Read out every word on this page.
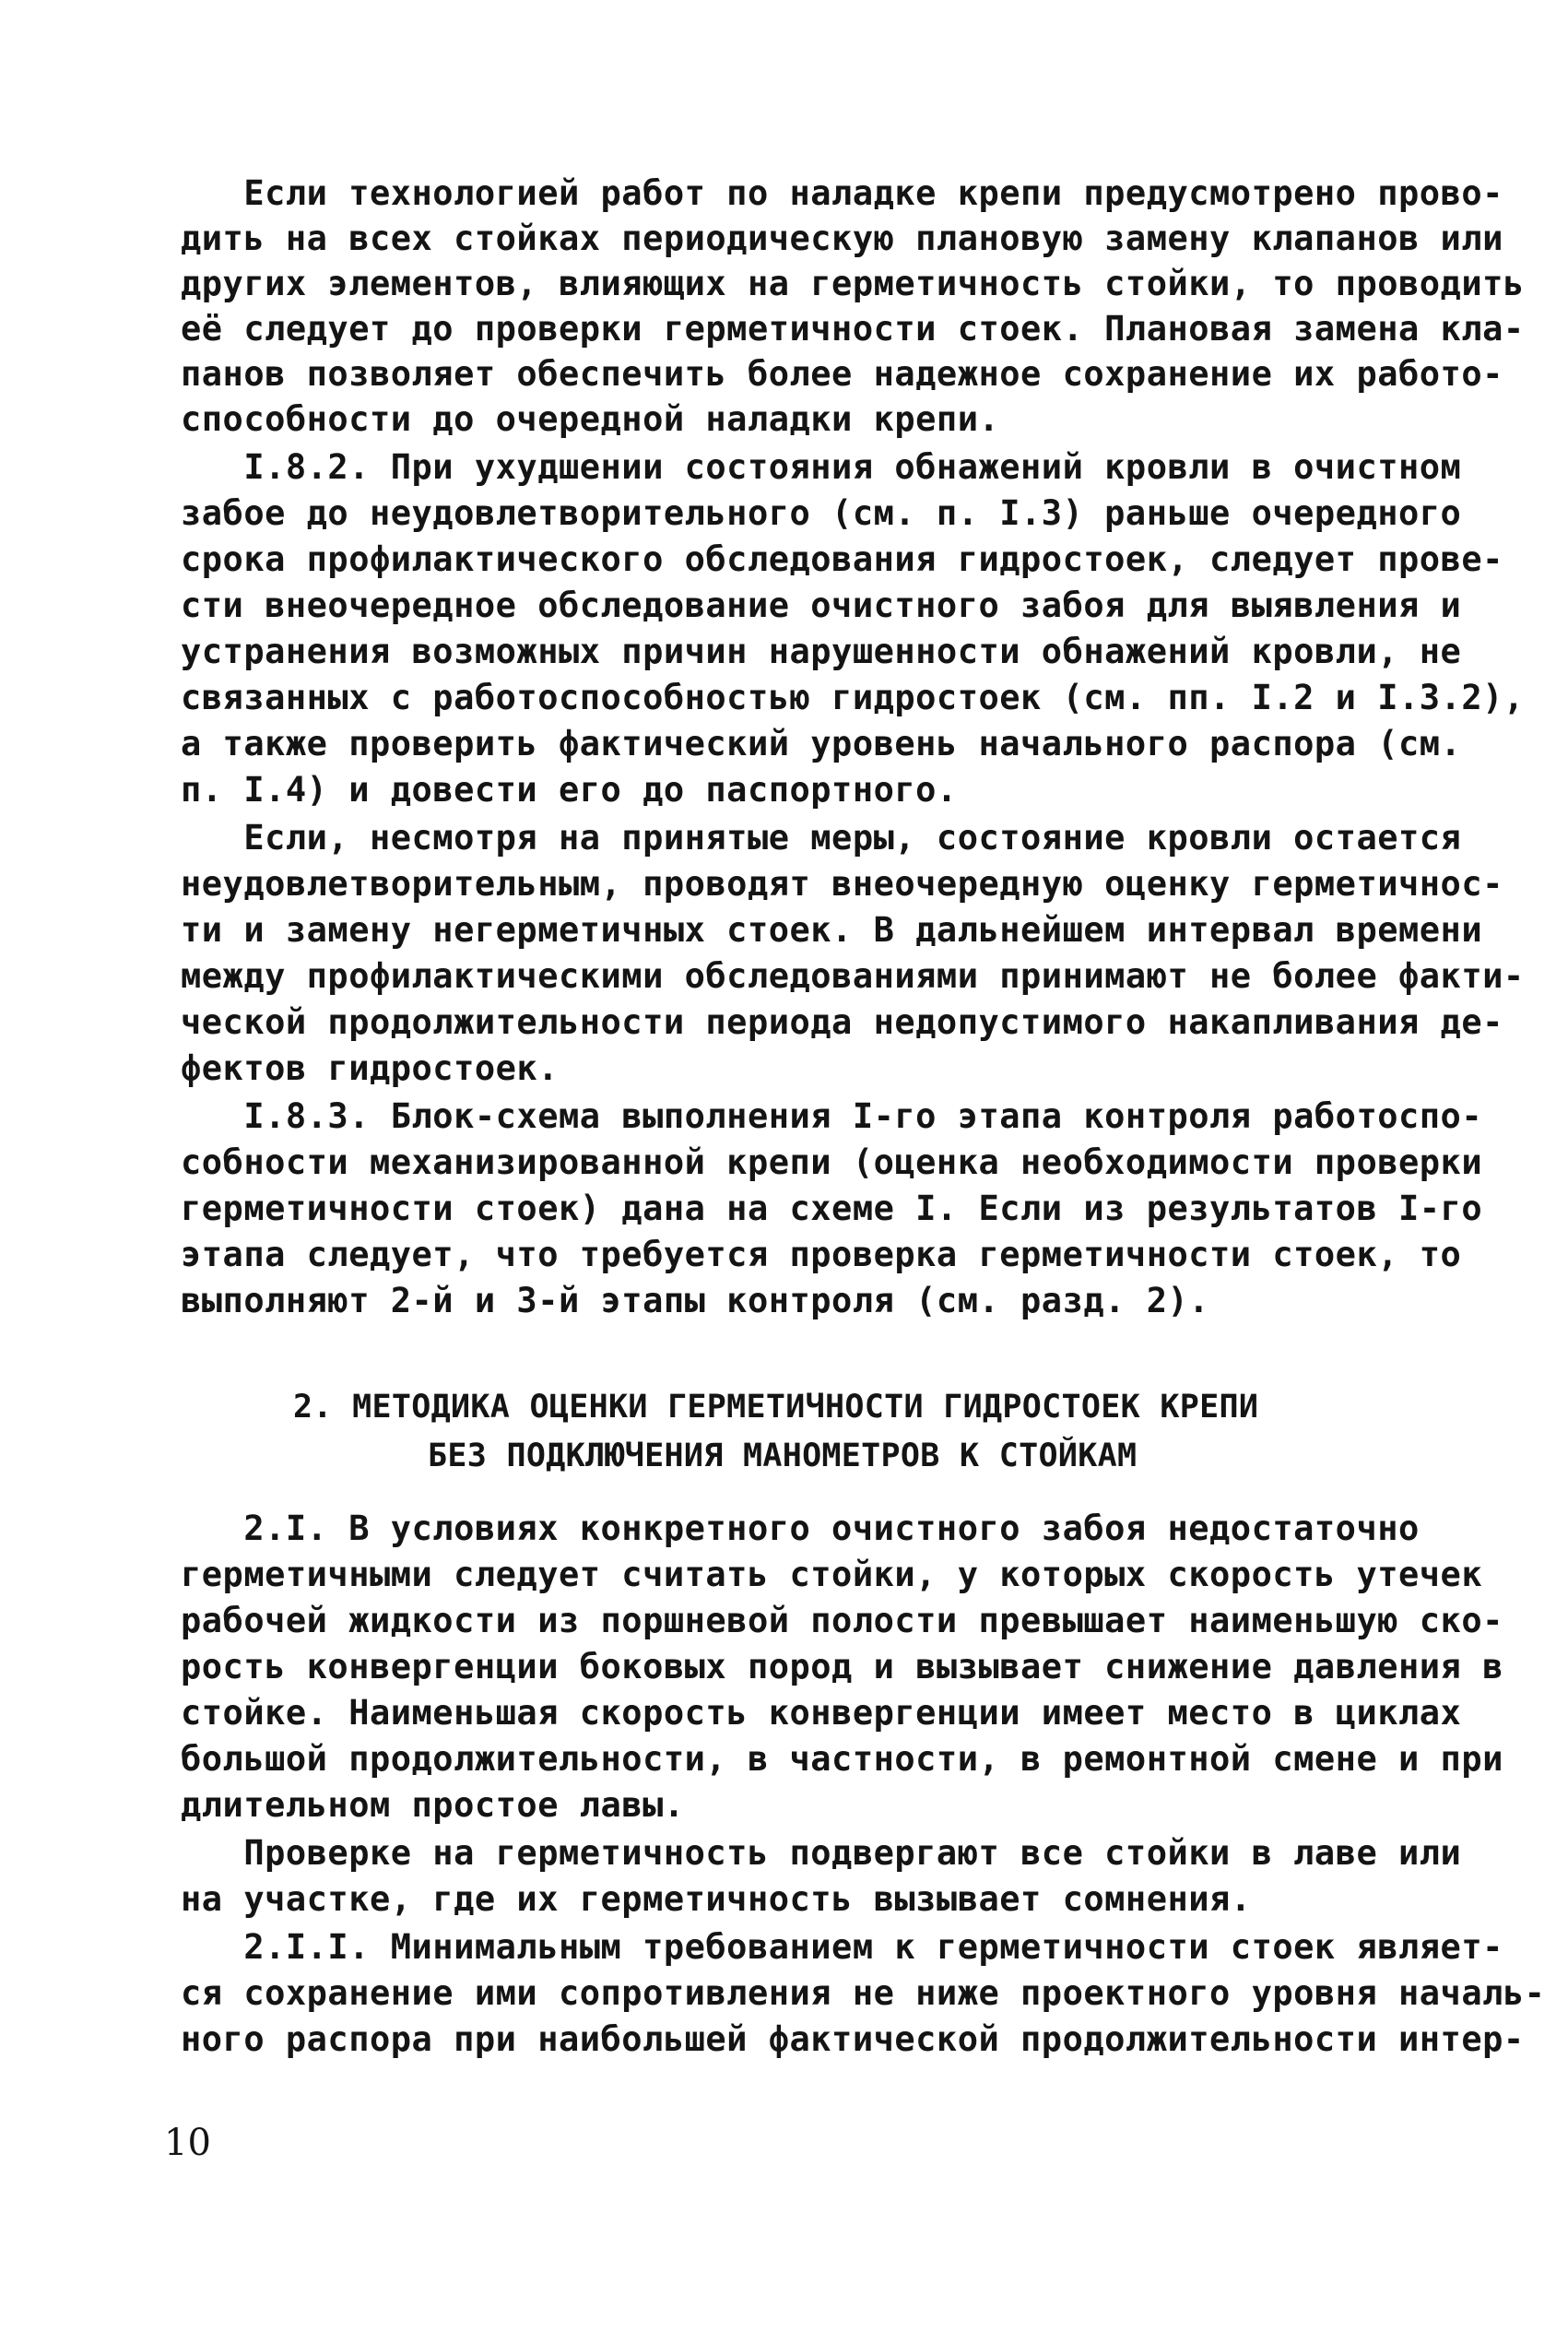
Если технологией работ по наладке крепи предусмотрено прово-
дить на всех стойках периодическую плановую замену клапанов или
других элементов, влияющих на герметичность стойки, то проводить
её следует до проверки герметичности стоек. Плановая замена кла-
панов позволяет обеспечить более надежное сохранение их работо-
способности до очередной наладки крепи.
I.8.2. При ухудшении состояния обнажений кровли в очистном
забое до неудовлетворительного (см. п. I.3) раньше очередного
срока профилактического обследования гидростоек, следует прове-
сти внеочередное обследование очистного забоя для выявления и
устранения возможных причин нарушенности обнажений кровли, не
связанных с работоспособностью гидростоек (см. пп. I.2 и I.3.2),
а также проверить фактический уровень начального распора (см.
п. I.4) и довести его до паспортного.
Если, несмотря на принятые меры, состояние кровли остается
неудовлетворительным, проводят внеочередную оценку герметичнос-
ти и замену негерметичных стоек. В дальнейшем интервал времени
между профилактическими обследованиями принимают не более факти-
ческой продолжительности периода недопустимого накапливания де-
фектов гидростоек.
I.8.3. Блок-схема выполнения I-го этапа контроля работоспо-
собности механизированной крепи (оценка необходимости проверки
герметичности стоек) дана на схеме I. Если из результатов I-го
этапа следует, что требуется проверка герметичности стоек, то
выполняют 2-й и 3-й этапы контроля (см. разд. 2).
2. МЕТОДИКА ОЦЕНКИ ГЕРМЕТИЧНОСТИ ГИДРОСТОЕК КРЕПИ
БЕЗ ПОДКЛЮЧЕНИЯ МАНОМЕТРОВ К СТОЙКАМ
2.I. В условиях конкретного очистного забоя недостаточно
герметичными следует считать стойки, у которых скорость утечек
рабочей жидкости из поршневой полости превышает наименьшую ско-
рость конвергенции боковых пород и вызывает снижение давления в
стойке. Наименьшая скорость конвергенции имеет место в циклах
большой продолжительности, в частности, в ремонтной смене и при
длительном простое лавы.
Проверке на герметичность подвергают все стойки в лаве или
на участке, где их герметичность вызывает сомнения.
2.I.I. Минимальным требованием к герметичности стоек являет-
ся сохранение ими сопротивления не ниже проектного уровня началь-
ного распора при наибольшей фактической продолжительности интер-
10
